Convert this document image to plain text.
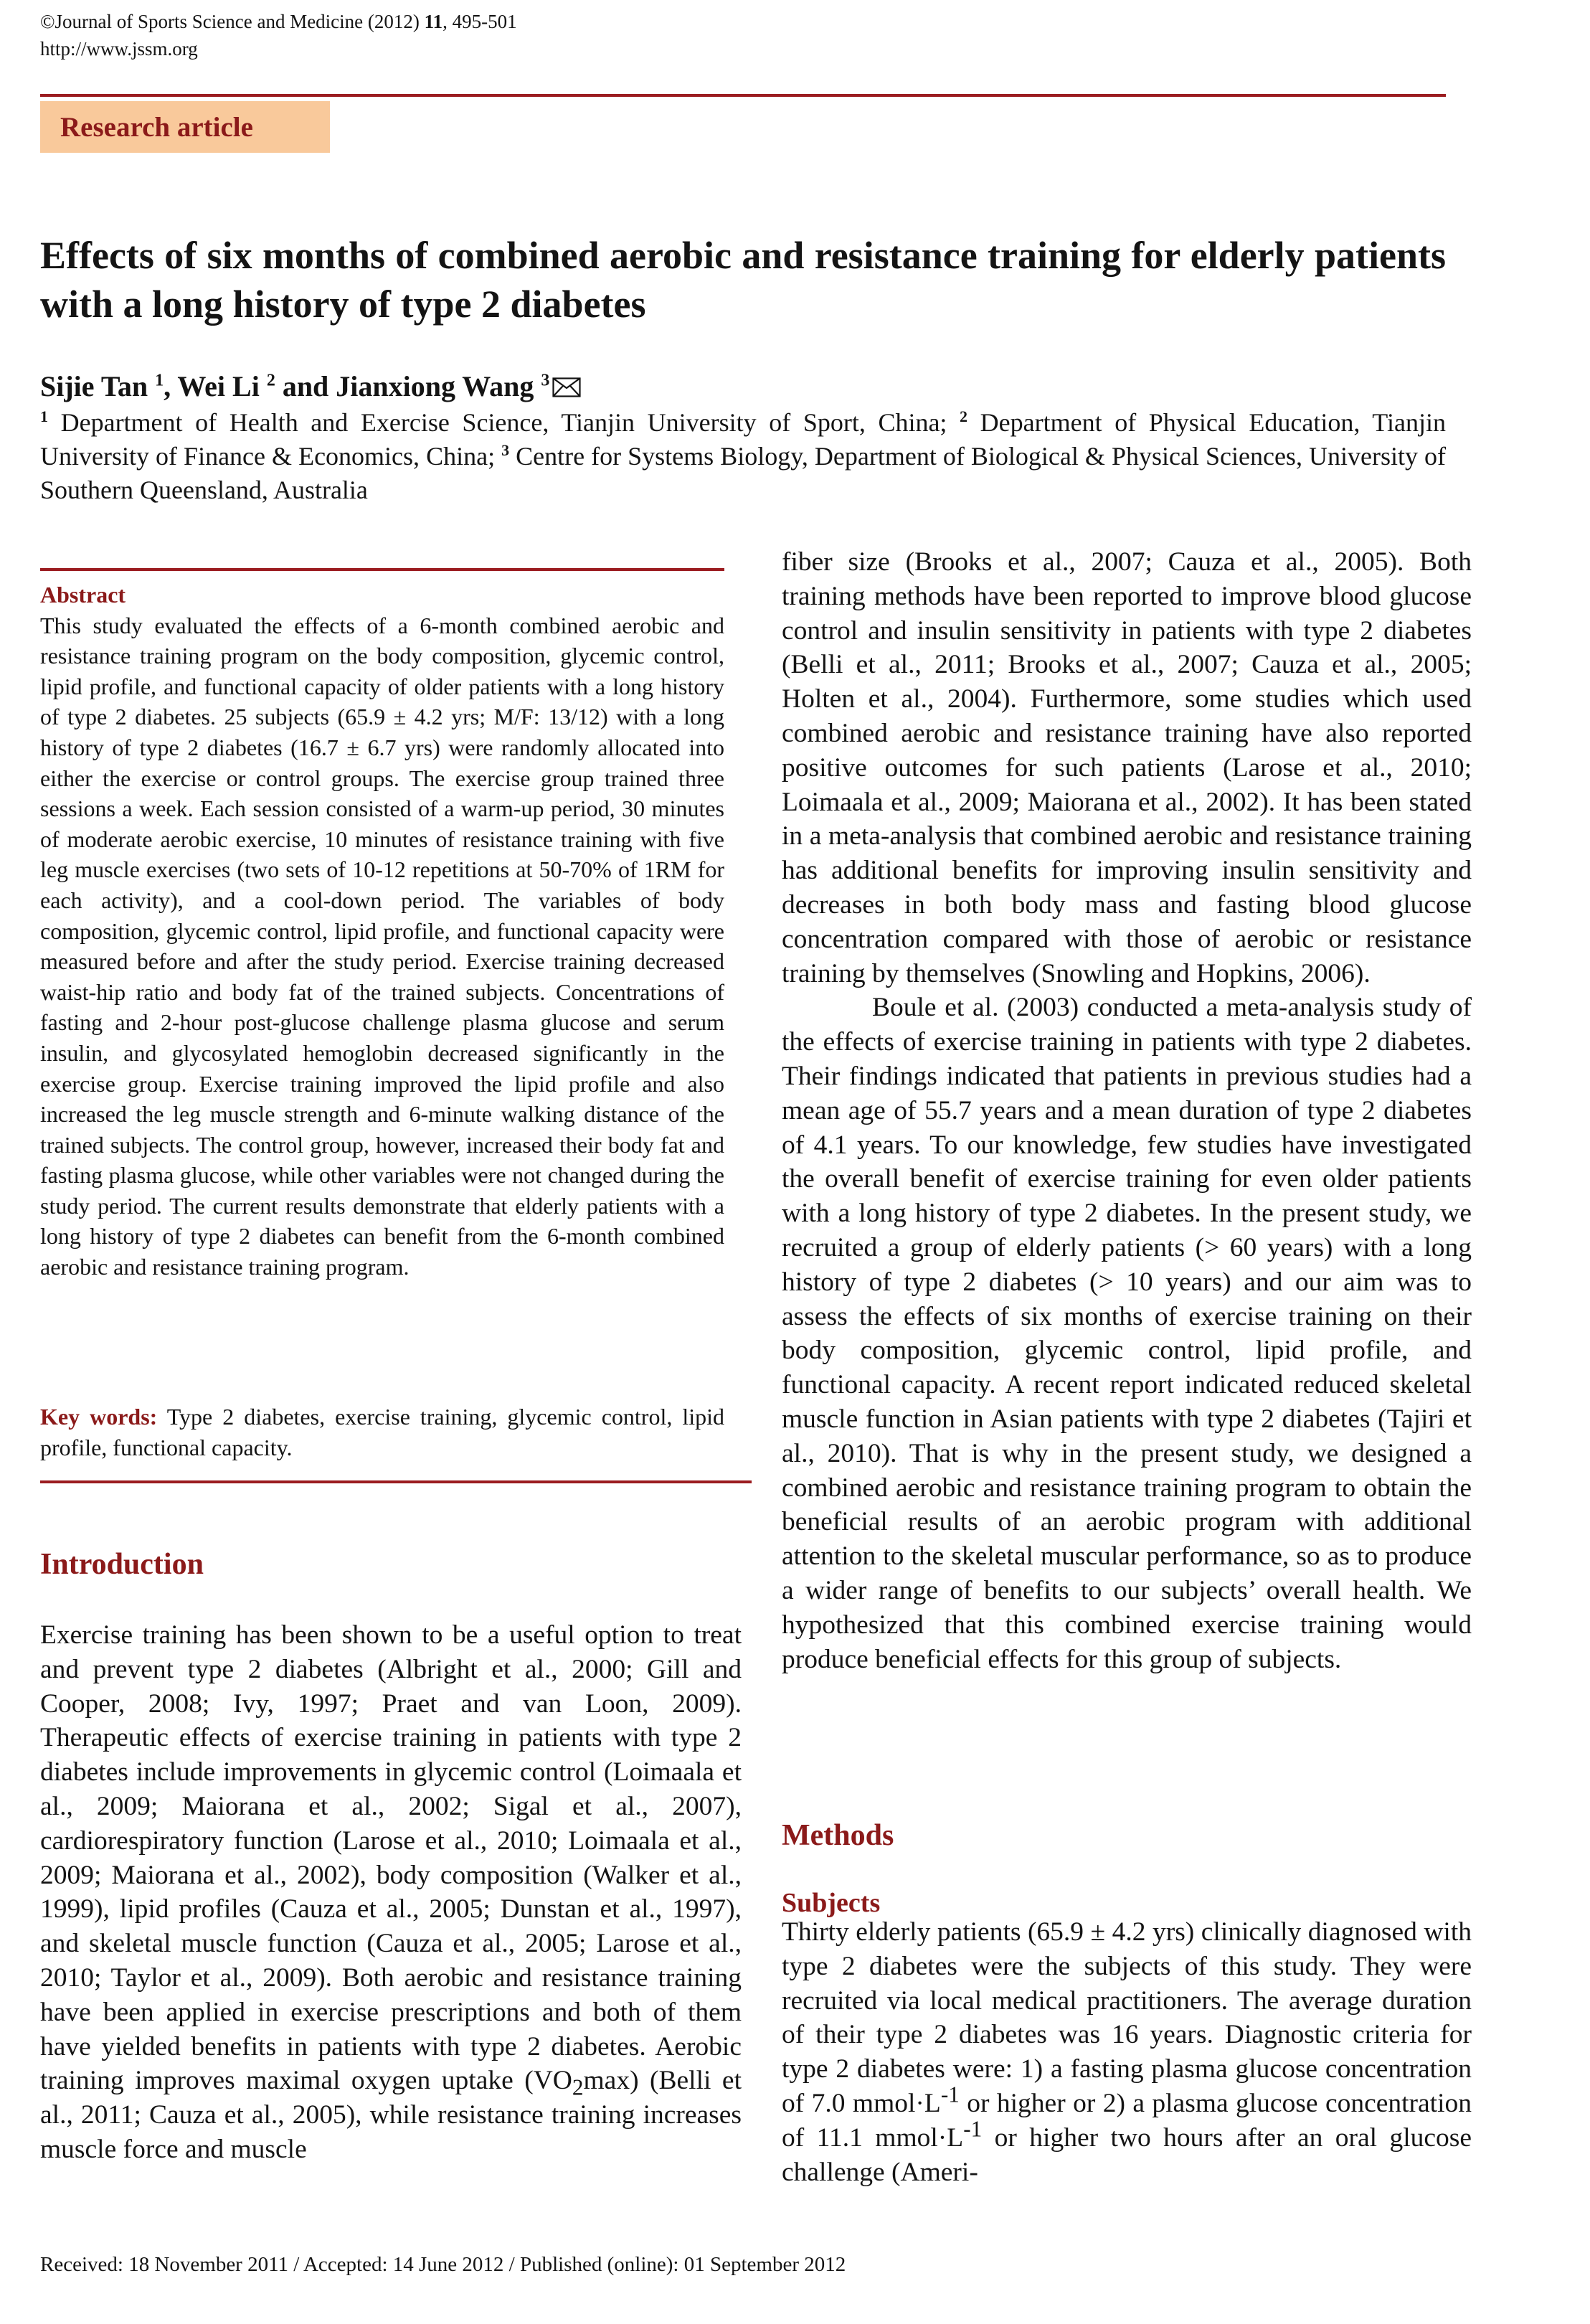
©Journal of Sports Science and Medicine (2012) 11, 495-501
http://www.jssm.org
Research article
Effects of six months of combined aerobic and resistance training for elderly patients with a long history of type 2 diabetes
Sijie Tan $^1$, Wei Li $^2$ and Jianxiong Wang $^3$
$^1$ Department of Health and Exercise Science, Tianjin University of Sport, China; $^2$ Department of Physical Education, Tianjin University of Finance & Economics, China; $^3$ Centre for Systems Biology, Department of Biological & Physical Sciences, University of Southern Queensland, Australia
Abstract
This study evaluated the effects of a 6-month combined aerobic and resistance training program on the body composition, glycemic control, lipid profile, and functional capacity of older patients with a long history of type 2 diabetes. 25 subjects (65.9 ± 4.2 yrs; M/F: 13/12) with a long history of type 2 diabetes (16.7 ± 6.7 yrs) were randomly allocated into either the exercise or control groups. The exercise group trained three sessions a week. Each session consisted of a warm-up period, 30 minutes of moderate aerobic exercise, 10 minutes of resistance training with five leg muscle exercises (two sets of 10-12 repetitions at 50-70% of 1RM for each activity), and a cool-down period. The variables of body composition, glycemic control, lipid profile, and functional capacity were measured before and after the study period. Exercise training decreased waist-hip ratio and body fat of the trained subjects. Concentrations of fasting and 2-hour post-glucose challenge plasma glucose and serum insulin, and glycosylated hemoglobin decreased significantly in the exercise group. Exercise training improved the lipid profile and also increased the leg muscle strength and 6-minute walking distance of the trained subjects. The control group, however, increased their body fat and fasting plasma glucose, while other variables were not changed during the study period. The current results demonstrate that elderly patients with a long history of type 2 diabetes can benefit from the 6-month combined aerobic and resistance training program.
Key words: Type 2 diabetes, exercise training, glycemic control, lipid profile, functional capacity.
Introduction
Exercise training has been shown to be a useful option to treat and prevent type 2 diabetes (Albright et al., 2000; Gill and Cooper, 2008; Ivy, 1997; Praet and van Loon, 2009). Therapeutic effects of exercise training in patients with type 2 diabetes include improvements in glycemic control (Loimaala et al., 2009; Maiorana et al., 2002; Sigal et al., 2007), cardiorespiratory function (Larose et al., 2010; Loimaala et al., 2009; Maiorana et al., 2002), body composition (Walker et al., 1999), lipid profiles (Cauza et al., 2005; Dunstan et al., 1997), and skeletal muscle function (Cauza et al., 2005; Larose et al., 2010; Taylor et al., 2009). Both aerobic and resistance training have been applied in exercise prescriptions and both of them have yielded benefits in patients with type 2 diabetes. Aerobic training improves maximal oxygen uptake $(VO_2\max)$ (Belli et al., 2011; Cauza et al., 2005), while resistance training increases muscle force and muscle

fiber size (Brooks et al., 2007; Cauza et al., 2005). Both training methods have been reported to improve blood glucose control and insulin sensitivity in patients with type 2 diabetes (Belli et al., 2011; Brooks et al., 2007; Cauza et al., 2005; Holten et al., 2004). Furthermore, some studies which used combined aerobic and resistance training have also reported positive outcomes for such patients (Larose et al., 2010; Loimaala et al., 2009; Maiorana et al., 2002). It has been stated in a meta-analysis that combined aerobic and resistance training has additional benefits for improving insulin sensitivity and decreases in both body mass and fasting blood glucose concentration compared with those of aerobic or resistance training by themselves (Snowling and Hopkins, 2006).

Boule et al. (2003) conducted a meta-analysis study of the effects of exercise training in patients with type 2 diabetes. Their findings indicated that patients in previous studies had a mean age of 55.7 years and a mean duration of type 2 diabetes of 4.1 years. To our knowledge, few studies have investigated the overall benefit of exercise training for even older patients with a long history of type 2 diabetes. In the present study, we recruited a group of elderly patients (> 60 years) with a long history of type 2 diabetes (> 10 years) and our aim was to assess the effects of six months of exercise training on their body composition, glycemic control, lipid profile, and functional capacity. A recent report indicated reduced skeletal muscle function in Asian patients with type 2 diabetes (Tajiri et al., 2010). That is why in the present study, we designed a combined aerobic and resistance training program to obtain the beneficial results of an aerobic program with additional attention to the skeletal muscular performance, so as to produce a wider range of benefits to our subjects’ overall health. We hypothesized that this combined exercise training would produce beneficial effects for this group of subjects.

Methods
Subjects
Thirty elderly patients (65.9 ± 4.2 yrs) clinically diagnosed with type 2 diabetes were the subjects of this study. They were recruited via local medical practitioners. The average duration of their type 2 diabetes was 16 years. Diagnostic criteria for type 2 diabetes were: 1) a fasting plasma glucose concentration of 7.0 $mmol\cdot L^{-1}$ or higher or 2) a plasma glucose concentration of 11.1 $mmol\cdot L^{-1}$ or higher two hours after an oral glucose challenge (Ameri-
Received: 18 November 2011 / Accepted: 14 June 2012 / Published (online): 01 September 2012
